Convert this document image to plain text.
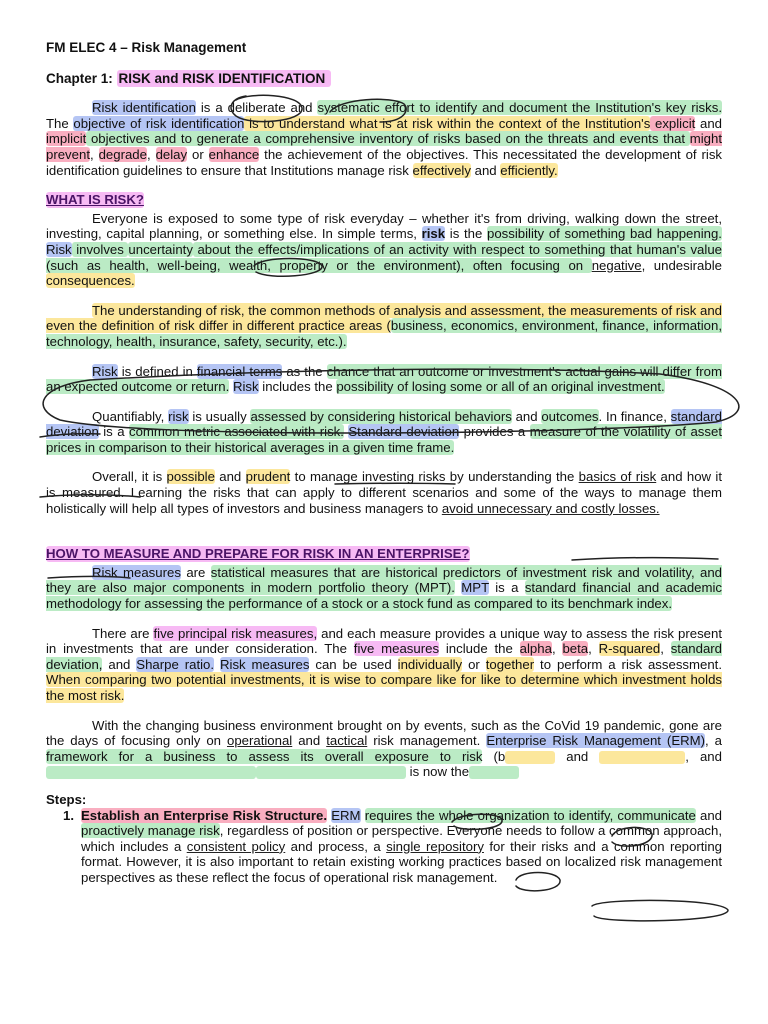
FM ELEC 4 – Risk Management
Chapter 1: RISK and RISK IDENTIFICATION

Risk identification is a deliberate and systematic effort to identify and document the Institution's key risks. The objective of risk identification is to understand what is at risk within the context of the Institution's explicit and implicit objectives and to generate a comprehensive inventory of risks based on the threats and events that might prevent, degrade, delay or enhance the achievement of the objectives. This necessitated the development of risk identification guidelines to ensure that Institutions manage risk effectively and efficiently.

WHAT IS RISK?

Everyone is exposed to some type of risk everyday – whether it's from driving, walking down the street, investing, capital planning, or something else. In simple terms, risk is the possibility of something bad happening. Risk involves uncertainty about the effects/implications of an activity with respect to something that human's value (such as health, well-being, wealth, property or the environment), often focusing on negative, undesirable consequences.

The understanding of risk, the common methods of analysis and assessment, the measurements of risk and even the definition of risk differ in different practice areas (business, economics, environment, finance, information, technology, health, insurance, safety, security, etc.).

Risk is defined in financial terms as the chance that an outcome or investment's actual gains will differ from an expected outcome or return. Risk includes the possibility of losing some or all of an original investment.

Quantifiably, risk is usually assessed by considering historical behaviors and outcomes. In finance, standard deviation is a common metric associated with risk. Standard deviation provides a measure of the volatility of asset prices in comparison to their historical averages in a given time frame.

Overall, it is possible and prudent to manage investing risks by understanding the basics of risk and how it is measured. Learning the risks that can apply to different scenarios and some of the ways to manage them holistically will help all types of investors and business managers to avoid unnecessary and costly losses.

HOW TO MEASURE AND PREPARE FOR RISK IN AN ENTERPRISE?

Risk measures are statistical measures that are historical predictors of investment risk and volatility, and they are also major components in modern portfolio theory (MPT). MPT is a standard financial and academic methodology for assessing the performance of a stock or a stock fund as compared to its benchmark index.

There are five principal risk measures, and each measure provides a unique way to assess the risk present in investments that are under consideration. The five measures include the alpha, beta, R-squared, standard deviation, and Sharpe ratio. Risk measures can be used individually or together to perform a risk assessment. When comparing two potential investments, it is wise to compare like for like to determine which investment holds the most risk.

With the changing business environment brought on by events, such as the CoVid 19 pandemic, gone are the days of focusing only on operational and tactical risk management. Enterprise Risk Management (ERM), a framework for a business to assess its overall exposure to risk (b	and	, and  is now the

Steps:
1. Establish an Enterprise Risk Structure. ERM requires the whole organization to identify, communicate and proactively manage risk, regardless of position or perspective. Everyone needs to follow a common approach, which includes a consistent policy and process, a single repository for their risks and a common reporting format. However, it is also important to retain existing working practices based on localized risk management perspectives as these reflect the focus of operational risk management.
